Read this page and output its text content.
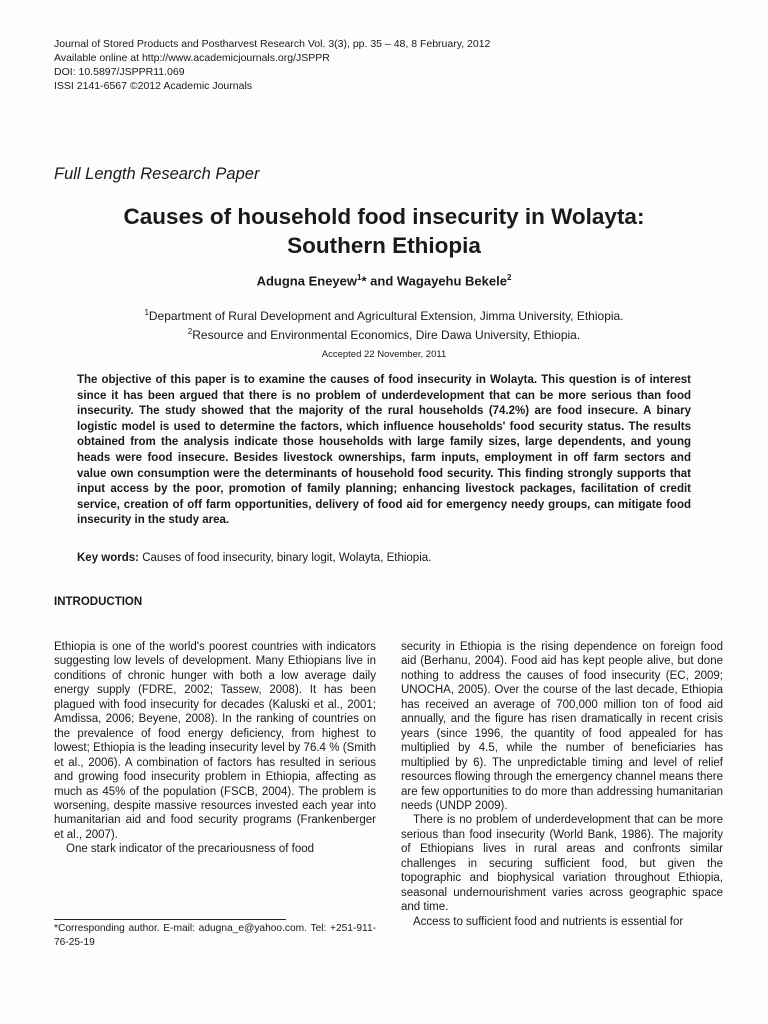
Journal of Stored Products and Postharvest Research Vol. 3(3), pp. 35 – 48, 8 February, 2012
Available online at http://www.academicjournals.org/JSPPR
DOI: 10.5897/JSPPR11.069
ISSI 2141-6567 ©2012 Academic Journals
Full Length Research Paper
Causes of household food insecurity in Wolayta:
Southern Ethiopia
Adugna Eneyew$^1$* and Wagayehu Bekele$^2$
$^1$Department of Rural Development and Agricultural Extension, Jimma University, Ethiopia.
$^2$Resource and Environmental Economics, Dire Dawa University, Ethiopia.
Accepted 22 November, 2011

The objective of this paper is to examine the causes of food insecurity in Wolayta. This question is of interest since it has been argued that there is no problem of underdevelopment that can be more serious than food insecurity. The study showed that the majority of the rural households (74.2%) are food insecure. A binary logistic model is used to determine the factors, which influence households' food security status. The results obtained from the analysis indicate those households with large family sizes, large dependents, and young heads were food insecure. Besides livestock ownerships, farm inputs, employment in off farm sectors and value own consumption were the determinants of household food security. This finding strongly supports that input access by the poor, promotion of family planning; enhancing livestock packages, facilitation of credit service, creation of off farm opportunities, delivery of food aid for emergency needy groups, can mitigate food insecurity in the study area.

Key words: Causes of food insecurity, binary logit, Wolayta, Ethiopia.
INTRODUCTION

Ethiopia is one of the world's poorest countries with indicators suggesting low levels of development. Many Ethiopians live in conditions of chronic hunger with both a low average daily energy supply (FDRE, 2002; Tassew, 2008). It has been plagued with food insecurity for decades (Kaluski et al., 2001; Amdissa, 2006; Beyene, 2008). In the ranking of countries on the prevalence of food energy deficiency, from highest to lowest; Ethiopia is the leading insecurity level by 76.4 % (Smith et al., 2006). A combination of factors has resulted in serious and growing food insecurity problem in Ethiopia, affecting as much as 45% of the population (FSCB, 2004). The problem is worsening, despite massive resources invested each year into humanitarian aid and food security programs (Frankenberger et al., 2007).

One stark indicator of the precariousness of food

security in Ethiopia is the rising dependence on foreign food aid (Berhanu, 2004). Food aid has kept people alive, but done nothing to address the causes of food insecurity (EC, 2009; UNOCHA, 2005). Over the course of the last decade, Ethiopia has received an average of 700,000 million ton of food aid annually, and the figure has risen dramatically in recent crisis years (since 1996, the quantity of food appealed for has multiplied by 4.5, while the number of beneficiaries has multiplied by 6). The unpredictable timing and level of relief resources flowing through the emergency channel means there are few opportunities to do more than addressing humanitarian needs (UNDP 2009).

There is no problem of underdevelopment that can be more serious than food insecurity (World Bank, 1986). The majority of Ethiopians lives in rural areas and confronts similar challenges in securing sufficient food, but given the topographic and biophysical variation throughout Ethiopia, seasonal undernourishment varies across geographic space and time.

Access to sufficient food and nutrients is essential for

*Corresponding author. E-mail: adugna_e@yahoo.com. Tel: +251-911-76-25-19
